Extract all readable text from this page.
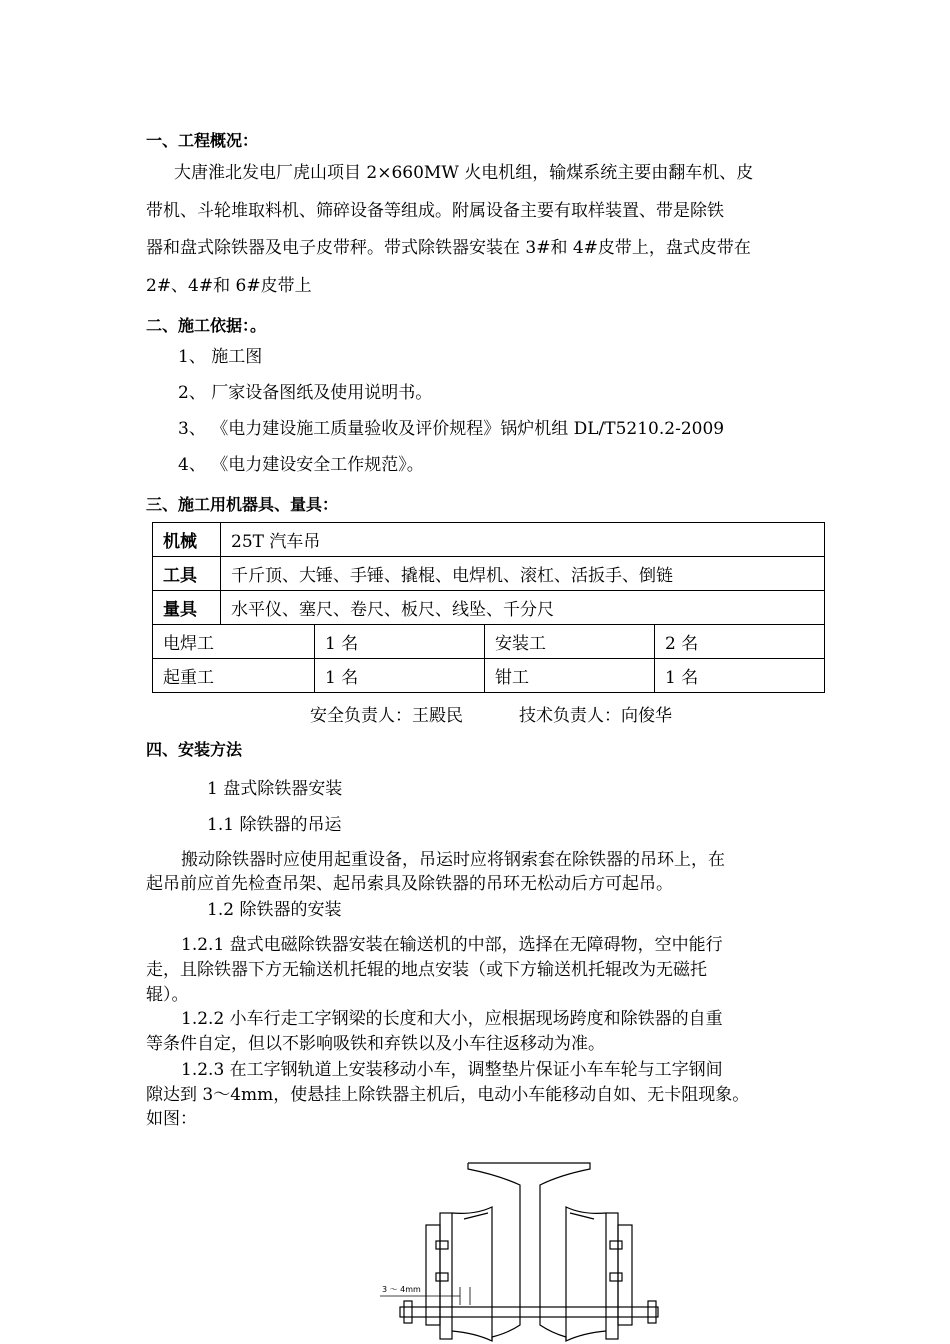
一、工程概况：
大唐淮北发电厂虎山项目 2×660MW 火电机组，输煤系统主要由翻车机、皮
带机、斗轮堆取料机、筛碎设备等组成。附属设备主要有取样装置、带是除铁
器和盘式除铁器及电子皮带秤。带式除铁器安装在 3#和 4#皮带上，盘式皮带在
2#、4#和 6#皮带上
二、施工依据：。
1、 施工图
2、 厂家设备图纸及使用说明书。
3、 《电力建设施工质量验收及评价规程》锅炉机组 DL/T5210.2-2009
4、 《电力建设安全工作规范》。
三、施工用机器具、量具：
机械	25T 汽车吊			
工具	千斤顶、大锤、手锤、撬棍、电焊机、滚杠、活扳手、倒链			
量具	水平仪、塞尺、卷尺、板尺、线坠、千分尺			
电焊工		1 名	安装工	2 名
起重工		1 名	钳工	1 名
安全负责人：王殿民	技术负责人：向俊华
四、安装方法
1 盘式除铁器安装
1.1 除铁器的吊运
搬动除铁器时应使用起重设备，吊运时应将钢索套在除铁器的吊环上，在
起吊前应首先检查吊架、起吊索具及除铁器的吊环无松动后方可起吊。
1.2 除铁器的安装
1.2.1 盘式电磁除铁器安装在输送机的中部，选择在无障碍物，空中能行
走，且除铁器下方无输送机托辊的地点安装（或下方输送机托辊改为无磁托
辊）。
1.2.2 小车行走工字钢梁的长度和大小，应根据现场跨度和除铁器的自重
等条件自定，但以不影响吸铁和弃铁以及小车往返移动为准。
1.2.3 在工字钢轨道上安装移动小车，调整垫片保证小车车轮与工字钢间
隙达到 3～4mm，使悬挂上除铁器主机后，电动小车能移动自如、无卡阻现象。
如图：
3 ～ 4mm
